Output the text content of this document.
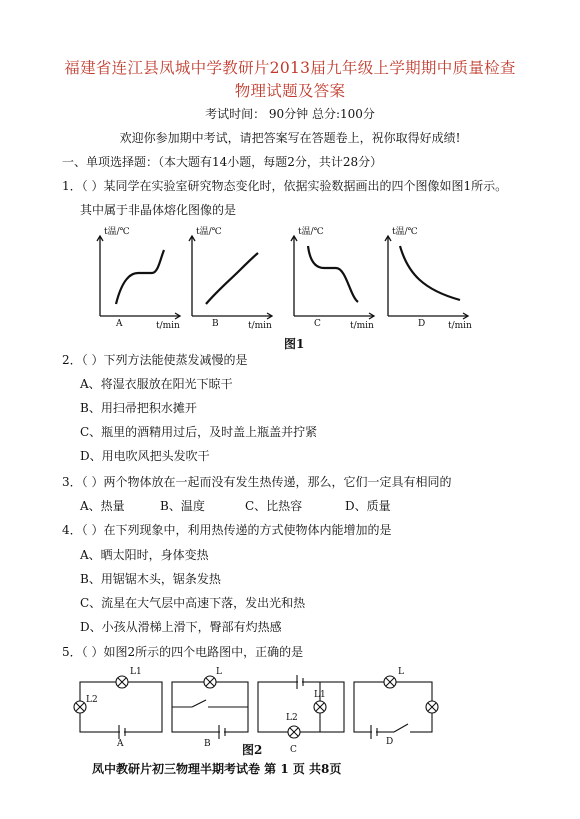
福建省连江县凤城中学教研片2013届九年级上学期期中质量检查
物理试题及答案
考试时间： 90分钟 总分:100分
欢迎你参加期中考试，请把答案写在答题卷上，祝你取得好成绩!
一、单项选择题：（本大题有14小题，每题2分，共计28分）
1．（ ）某同学在实验室研究物态变化时，依据实验数据画出的四个图像如图1所示。
其中属于非晶体熔化图像的是
t温/℃	t温/℃	t温/℃	t温/℃
t/min	t/min	t/min	t/min
A	B	C	D
图1
2．（ ）下列方法能使蒸发减慢的是
A、将湿衣服放在阳光下晾干
B、用扫帚把积水摊开
C、瓶里的酒精用过后，及时盖上瓶盖并拧紧
D、用电吹风把头发吹干
3．（ ）两个物体放在一起而没有发生热传递，那么，它们一定具有相同的
A、热量	B、温度	C、比热容	D、质量
4．（ ）在下列现象中，利用热传递的方式使物体内能增加的是
A、晒太阳时，身体变热
B、用锯锯木头，锯条发热
C、流星在大气层中高速下落，发出光和热
D、小孩从滑梯上滑下，臀部有灼热感
5．（ ）如图2所示的四个电路图中，正确的是
L1
L2
L
L1
L2
L
A	B
C
D
图2
凤中教研片初三物理半期考试卷 第 1 页 共8页
